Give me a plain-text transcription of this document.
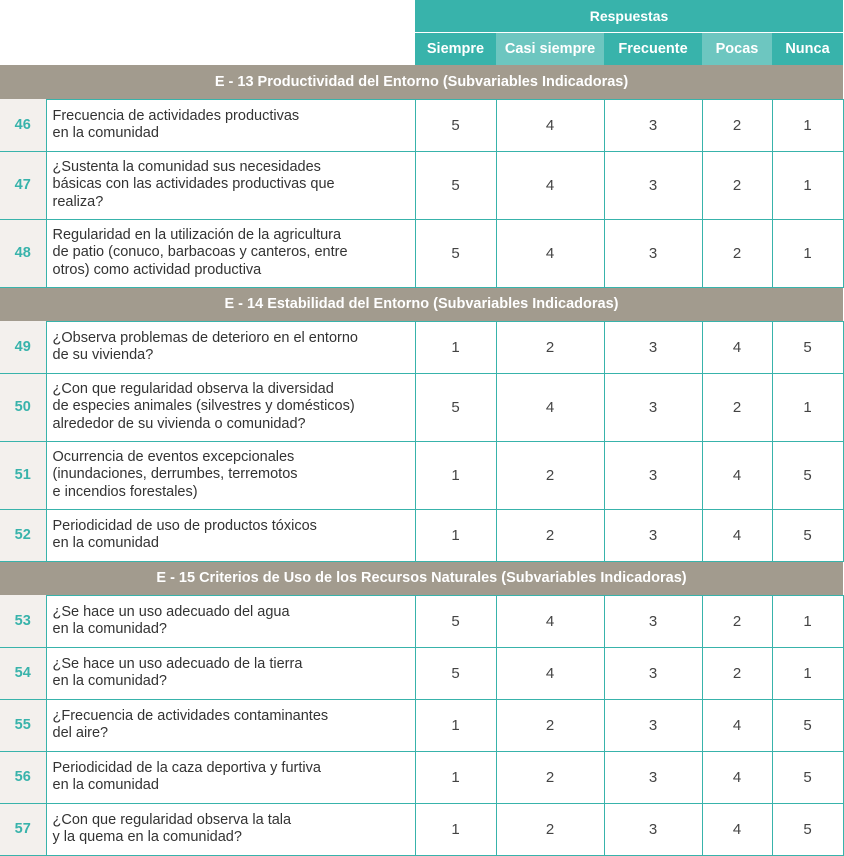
		Respuestas				
		Siempre	Casi siempre	Frecuente	Pocas	Nunca
E - 13 Productividad del Entorno (Subvariables Indicadoras)						
46	Frecuencia de actividades productivas
en la comunidad	5	4	3	2	1
47	¿Sustenta la comunidad sus necesidades
básicas con las actividades productivas que
realiza?	5	4	3	2	1
48	Regularidad en la utilización de la agricultura
de patio (conuco, barbacoas y canteros, entre
otros) como actividad productiva	5	4	3	2	1
E - 14 Estabilidad del Entorno (Subvariables Indicadoras)						
49	¿Observa problemas de deterioro en el entorno
de su vivienda?	1	2	3	4	5
50	¿Con que regularidad observa la diversidad
de especies animales (silvestres y domésticos)
alrededor de su vivienda o comunidad?	5	4	3	2	1
51	Ocurrencia de eventos excepcionales
(inundaciones, derrumbes, terremotos
e incendios forestales)	1	2	3	4	5
52	Periodicidad de uso de productos tóxicos
en la comunidad	1	2	3	4	5
E - 15 Criterios de Uso de los Recursos Naturales (Subvariables Indicadoras)						
53	¿Se hace un uso adecuado del agua
en la comunidad?	5	4	3	2	1
54	¿Se hace un uso adecuado de la tierra
en la comunidad?	5	4	3	2	1
55	¿Frecuencia de actividades contaminantes
del aire?	1	2	3	4	5
56	Periodicidad de la caza deportiva y furtiva
en la comunidad	1	2	3	4	5
57	¿Con que regularidad observa la tala
y la quema en la comunidad?	1	2	3	4	5
